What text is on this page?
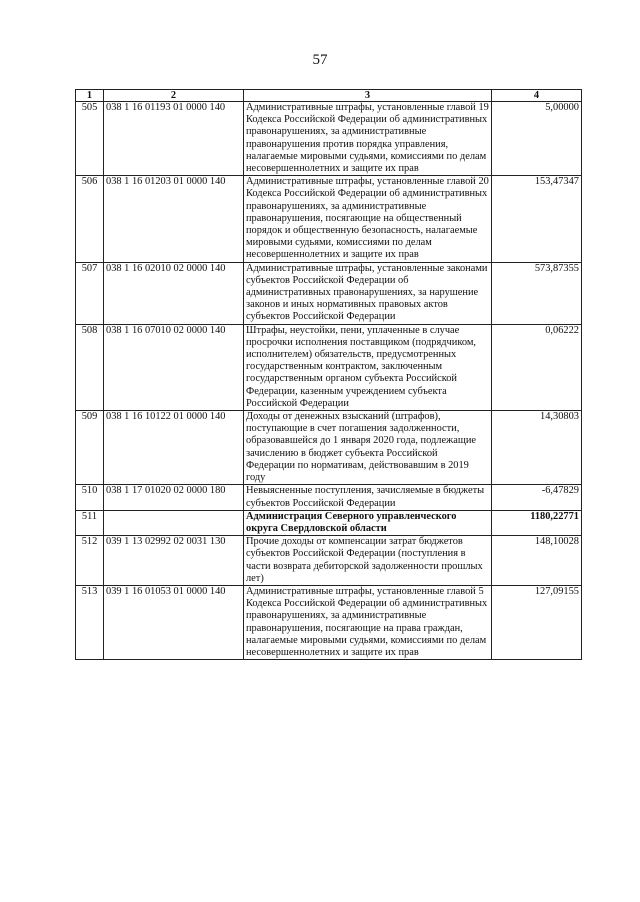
57
1	2	3	4
505	038 1 16 01193 01 0000 140	Административные штрафы, установленные главой 19 Кодекса Российской Федерации об административных правонарушениях, за административные правонарушения против порядка управления, налагаемые мировыми судьями, комиссиями по делам несовершеннолетних и защите их прав	5,00000
506	038 1 16 01203 01 0000 140	Административные штрафы, установленные главой 20 Кодекса Российской Федерации об административных правонарушениях, за административные правонарушения, посягающие на общественный порядок и общественную безопасность, налагаемые мировыми судьями, комиссиями по делам несовершеннолетних и защите их прав	153,47347
507	038 1 16 02010 02 0000 140	Административные штрафы, установленные законами субъектов Российской Федерации об административных правонарушениях, за нарушение законов и иных нормативных правовых актов субъектов Российской Федерации	573,87355
508	038 1 16 07010 02 0000 140	Штрафы, неустойки, пени, уплаченные в случае просрочки исполнения поставщиком (подрядчиком, исполнителем) обязательств, предусмотренных государственным контрактом, заключенным государственным органом субъекта Российской Федерации, казенным учреждением субъекта Российской Федерации	0,06222
509	038 1 16 10122 01 0000 140	Доходы от денежных взысканий (штрафов), поступающие в счет погашения задолженности, образовавшейся до 1 января 2020 года, подлежащие зачислению в бюджет субъекта Российской Федерации по нормативам, действовавшим в 2019 году	14,30803
510	038 1 17 01020 02 0000 180	Невыясненные поступления, зачисляемые в бюджеты субъектов Российской Федерации	-6,47829
511		Администрация Северного управленческого округа Свердловской области	1180,22771
512	039 1 13 02992 02 0031 130	Прочие доходы от компенсации затрат бюджетов субъектов Российской Федерации (поступления в части возврата дебиторской задолженности прошлых лет)	148,10028
513	039 1 16 01053 01 0000 140	Административные штрафы, установленные главой 5 Кодекса Российской Федерации об административных правонарушениях, за административные правонарушения, посягающие на права граждан, налагаемые мировыми судьями, комиссиями по делам несовершеннолетних и защите их прав	127,09155
